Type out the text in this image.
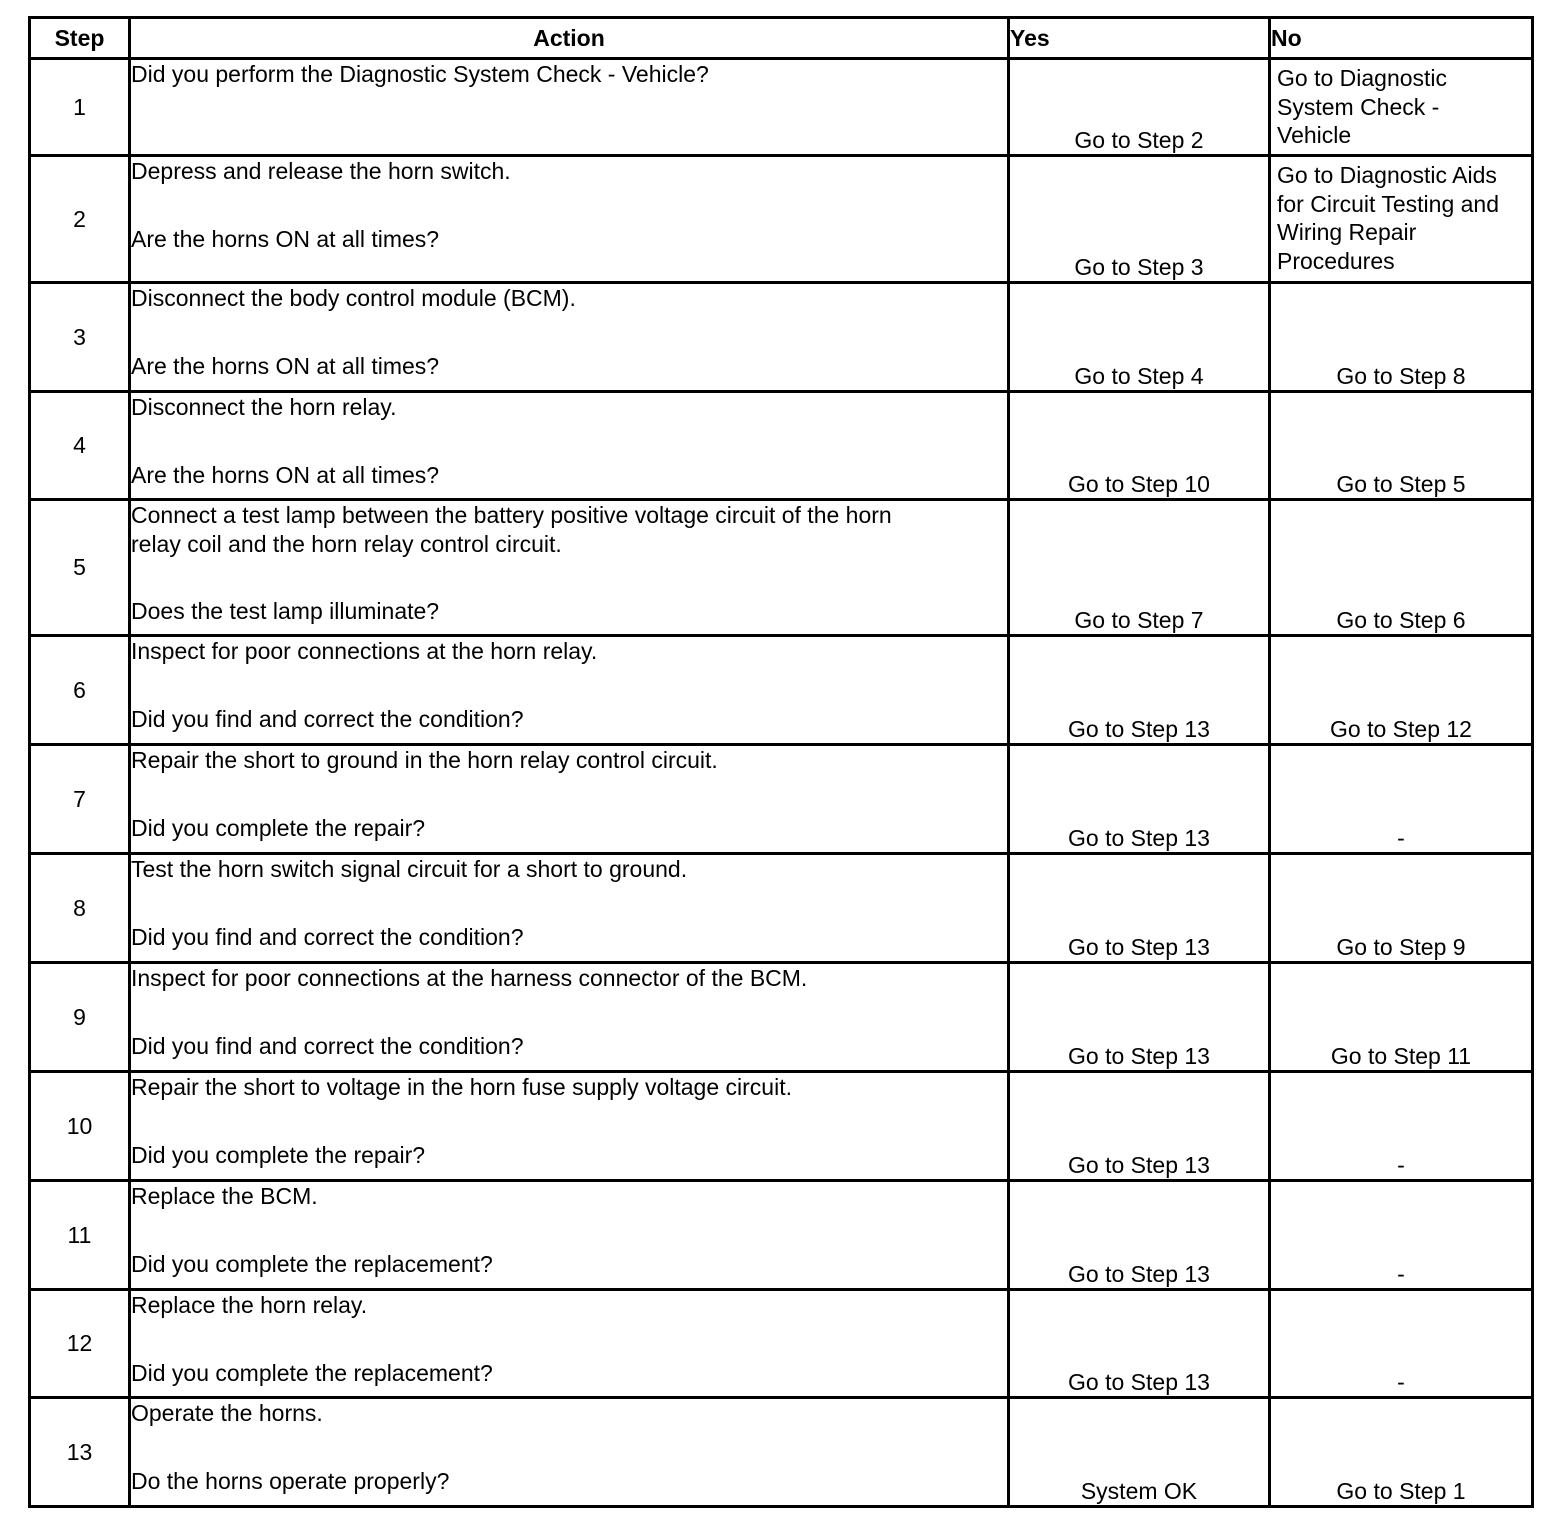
Step	Action	Yes	No
1	Did you perform the Diagnostic System Check - Vehicle?	Go to Step 2	Go to Diagnostic
System Check -
Vehicle

2	Depress and release the horn switch.
Are the horns ON at all times?	Go to Step 3	Go to Diagnostic Aids
for Circuit Testing and
Wiring Repair
Procedures

3	Disconnect the body control module (BCM).
Are the horns ON at all times?	Go to Step 4	Go to Step 8
4	Disconnect the horn relay.
Are the horns ON at all times?	Go to Step 10	Go to Step 5
5	Connect a test lamp between the battery positive voltage circuit of the horn
relay coil and the horn relay control circuit.
Does the test lamp illuminate?	Go to Step 7	Go to Step 6
6	Inspect for poor connections at the horn relay.
Did you find and correct the condition?	Go to Step 13	Go to Step 12
7	Repair the short to ground in the horn relay control circuit.
Did you complete the repair?	Go to Step 13	-
8	Test the horn switch signal circuit for a short to ground.
Did you find and correct the condition?	Go to Step 13	Go to Step 9
9	Inspect for poor connections at the harness connector of the BCM.
Did you find and correct the condition?	Go to Step 13	Go to Step 11
10	Repair the short to voltage in the horn fuse supply voltage circuit.
Did you complete the repair?	Go to Step 13	-
11	Replace the BCM.
Did you complete the replacement?	Go to Step 13	-
12	Replace the horn relay.
Did you complete the replacement?	Go to Step 13	-
13	Operate the horns.
Do the horns operate properly?	System OK	Go to Step 1
